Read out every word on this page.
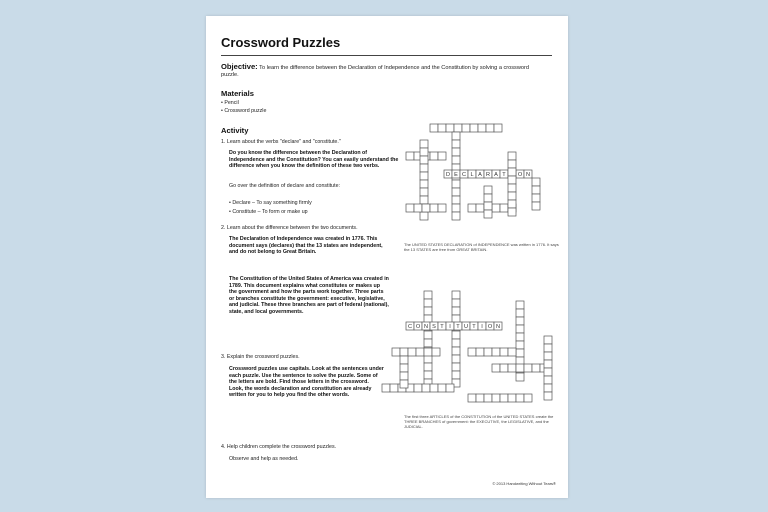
Crossword Puzzles
Objective: To learn the difference between the Declaration of Independence and the Constitution by solving a crossword puzzle.
Materials
• Pencil
• Crossword puzzle
Activity
1. Learn about the verbs "declare" and "constitute."
Do you know the difference between the Declaration of Independence and the Constitution? You can easily understand the difference when you know the definition of these two verbs.
Go over the definition of declare and constitute:
• Declare – To say something firmly
• Constitute – To form or make up
2. Learn about the difference between the two documents.
The Declaration of Independence was created in 1776. This document says (declares) that the 13 states are independent, and do not belong to Great Britain.
The Constitution of the United States of America was created in 1789. This document explains what constitutes or makes up the government and how the parts work together. Three parts or branches constitute the government: executive, legislative, and judicial. These three branches are part of federal (national), state, and local governments.
3. Explain the crossword puzzles.
Crossword puzzles use capitals. Look at the sentences under each puzzle. Use the sentence to solve the puzzle. Some of the letters are bold. Find those letters in the crossword. Look, the words declaration and constitution are already written for you to help you find the other words.
4. Help children complete the crossword puzzles.
Observe and help as needed.
D E C L A R A T O N
C O N S T I T U T I O N
The UNITED STATES DECLARATION of INDEPENDENCE was written in 1776. It says the 13 STATES are free from GREAT BRITAIN.
The first three ARTICLES of the CONSTITUTION of the UNITED STATES create the THREE BRANCHES of government: the EXECUTIVE, the LEGISLATIVE, and the JUDICIAL.
© 2013 Handwriting Without Tears®
